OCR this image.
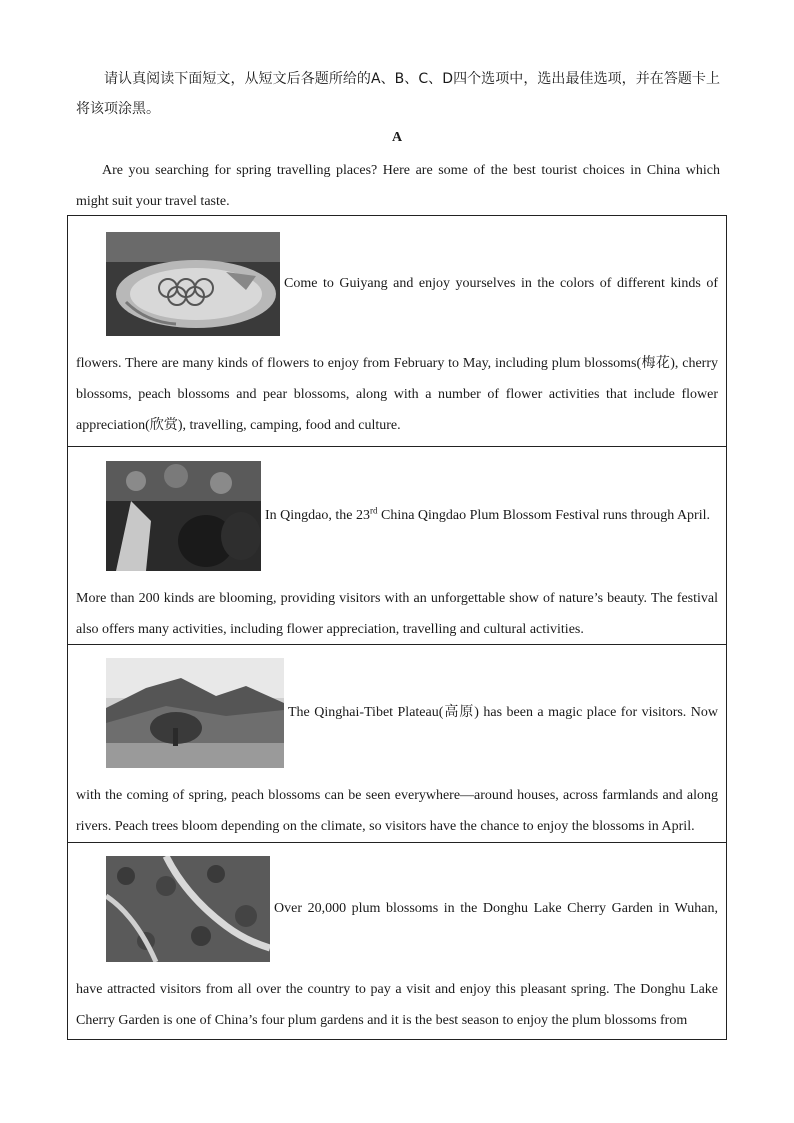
请认真阅读下面短文，从短文后各题所给的A、B、C、D四个选项中，选出最佳选项，并在答题卡上将该项涂黑。
A
Are you searching for spring travelling places? Here are some of the best tourist choices in China which might suit your travel taste.
Come to Guiyang and enjoy yourselves in the colors of different kinds of
flowers. There are many kinds of flowers to enjoy from February to May, including plum blossoms(梅花), cherry blossoms, peach blossoms and pear blossoms, along with a number of flower activities that include flower appreciation(欣赏), travelling, camping, food and culture.
In Qingdao, the 23rd China Qingdao Plum Blossom Festival runs through April.
More than 200 kinds are blooming, providing visitors with an unforgettable show of nature’s beauty. The festival also offers many activities, including flower appreciation, travelling and cultural activities.
The Qinghai-Tibet Plateau(高原) has been a magic place for visitors. Now
with the coming of spring, peach blossoms can be seen everywhere—around houses, across farmlands and along rivers. Peach trees bloom depending on the climate, so visitors have the chance to enjoy the blossoms in April.
Over 20,000 plum blossoms in the Donghu Lake Cherry Garden in Wuhan,
have attracted visitors from all over the country to pay a visit and enjoy this pleasant spring. The Donghu Lake Cherry Garden is one of China’s four plum gardens and it is the best season to enjoy the plum blossoms from
